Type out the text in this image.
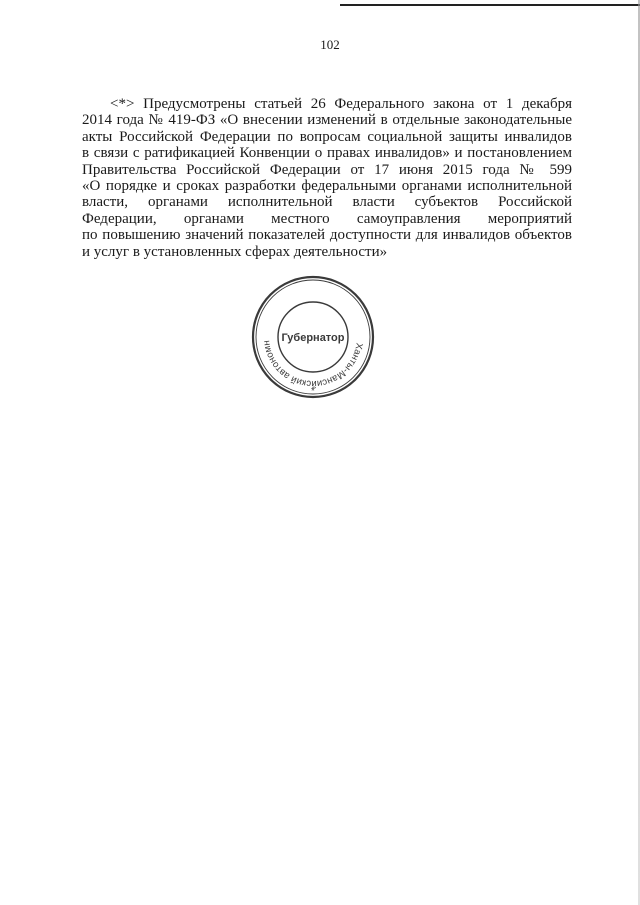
102
<*> Предусмотрены статьей 26 Федерального закона от 1 декабря
2014 года № 419-ФЗ «О внесении изменений в отдельные законодательные
акты Российской Федерации по вопросам социальной защиты инвалидов
в связи с ратификацией Конвенции о правах инвалидов» и постановлением
Правительства Российской Федерации от 17 июня 2015 года № 599
«О порядке и сроках разработки федеральными органами исполнительной
власти, органами исполнительной власти субъектов Российской
Федерации, органами местного самоуправления мероприятий
по повышению значений показателей доступности для инвалидов объектов
и услуг в установленных сферах деятельности»
Ханты-Мансийский автономн Губернатор
*
